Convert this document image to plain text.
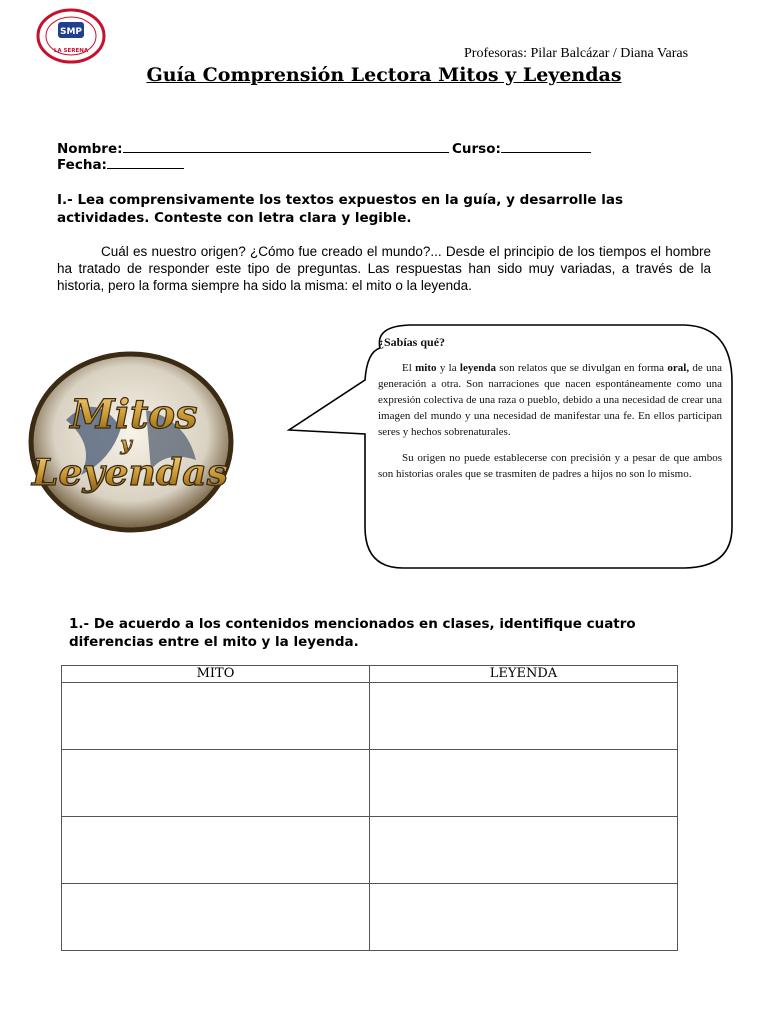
SMP
LA SERENA	Profesoras: Pilar Balcázar / Diana Varas
Guía Comprensión Lectora Mitos y Leyendas
Nombre:	Curso:
Fecha:
I.- Lea comprensivamente los textos expuestos en la guía, y desarrolle las actividades. Conteste con letra clara y legible.
Cuál es nuestro origen? ¿Cómo fue creado el mundo?... Desde el principio de los tiempos el hombre ha tratado de responder este tipo de preguntas. Las respuestas han sido muy variadas, a través de la historia, pero la forma siempre ha sido la misma: el mito o la leyenda.
Mitos
y
Leyendas
¿Sabías qué?

El mito y la leyenda son relatos que se divulgan en forma oral, de una generación a otra. Son narraciones que nacen espontáneamente como una expresión colectiva de una raza o pueblo, debido a una necesidad de crear una imagen del mundo y una necesidad de manifestar una fe. En ellos participan seres y hechos sobrenaturales.

Su origen no puede establecerse con precisión y a pesar de que ambos son historias orales que se trasmiten de padres a hijos no son lo mismo.

1.- De acuerdo a los contenidos mencionados en clases, identifique cuatro diferencias entre el mito y la leyenda.
MITO	LEYENDA
